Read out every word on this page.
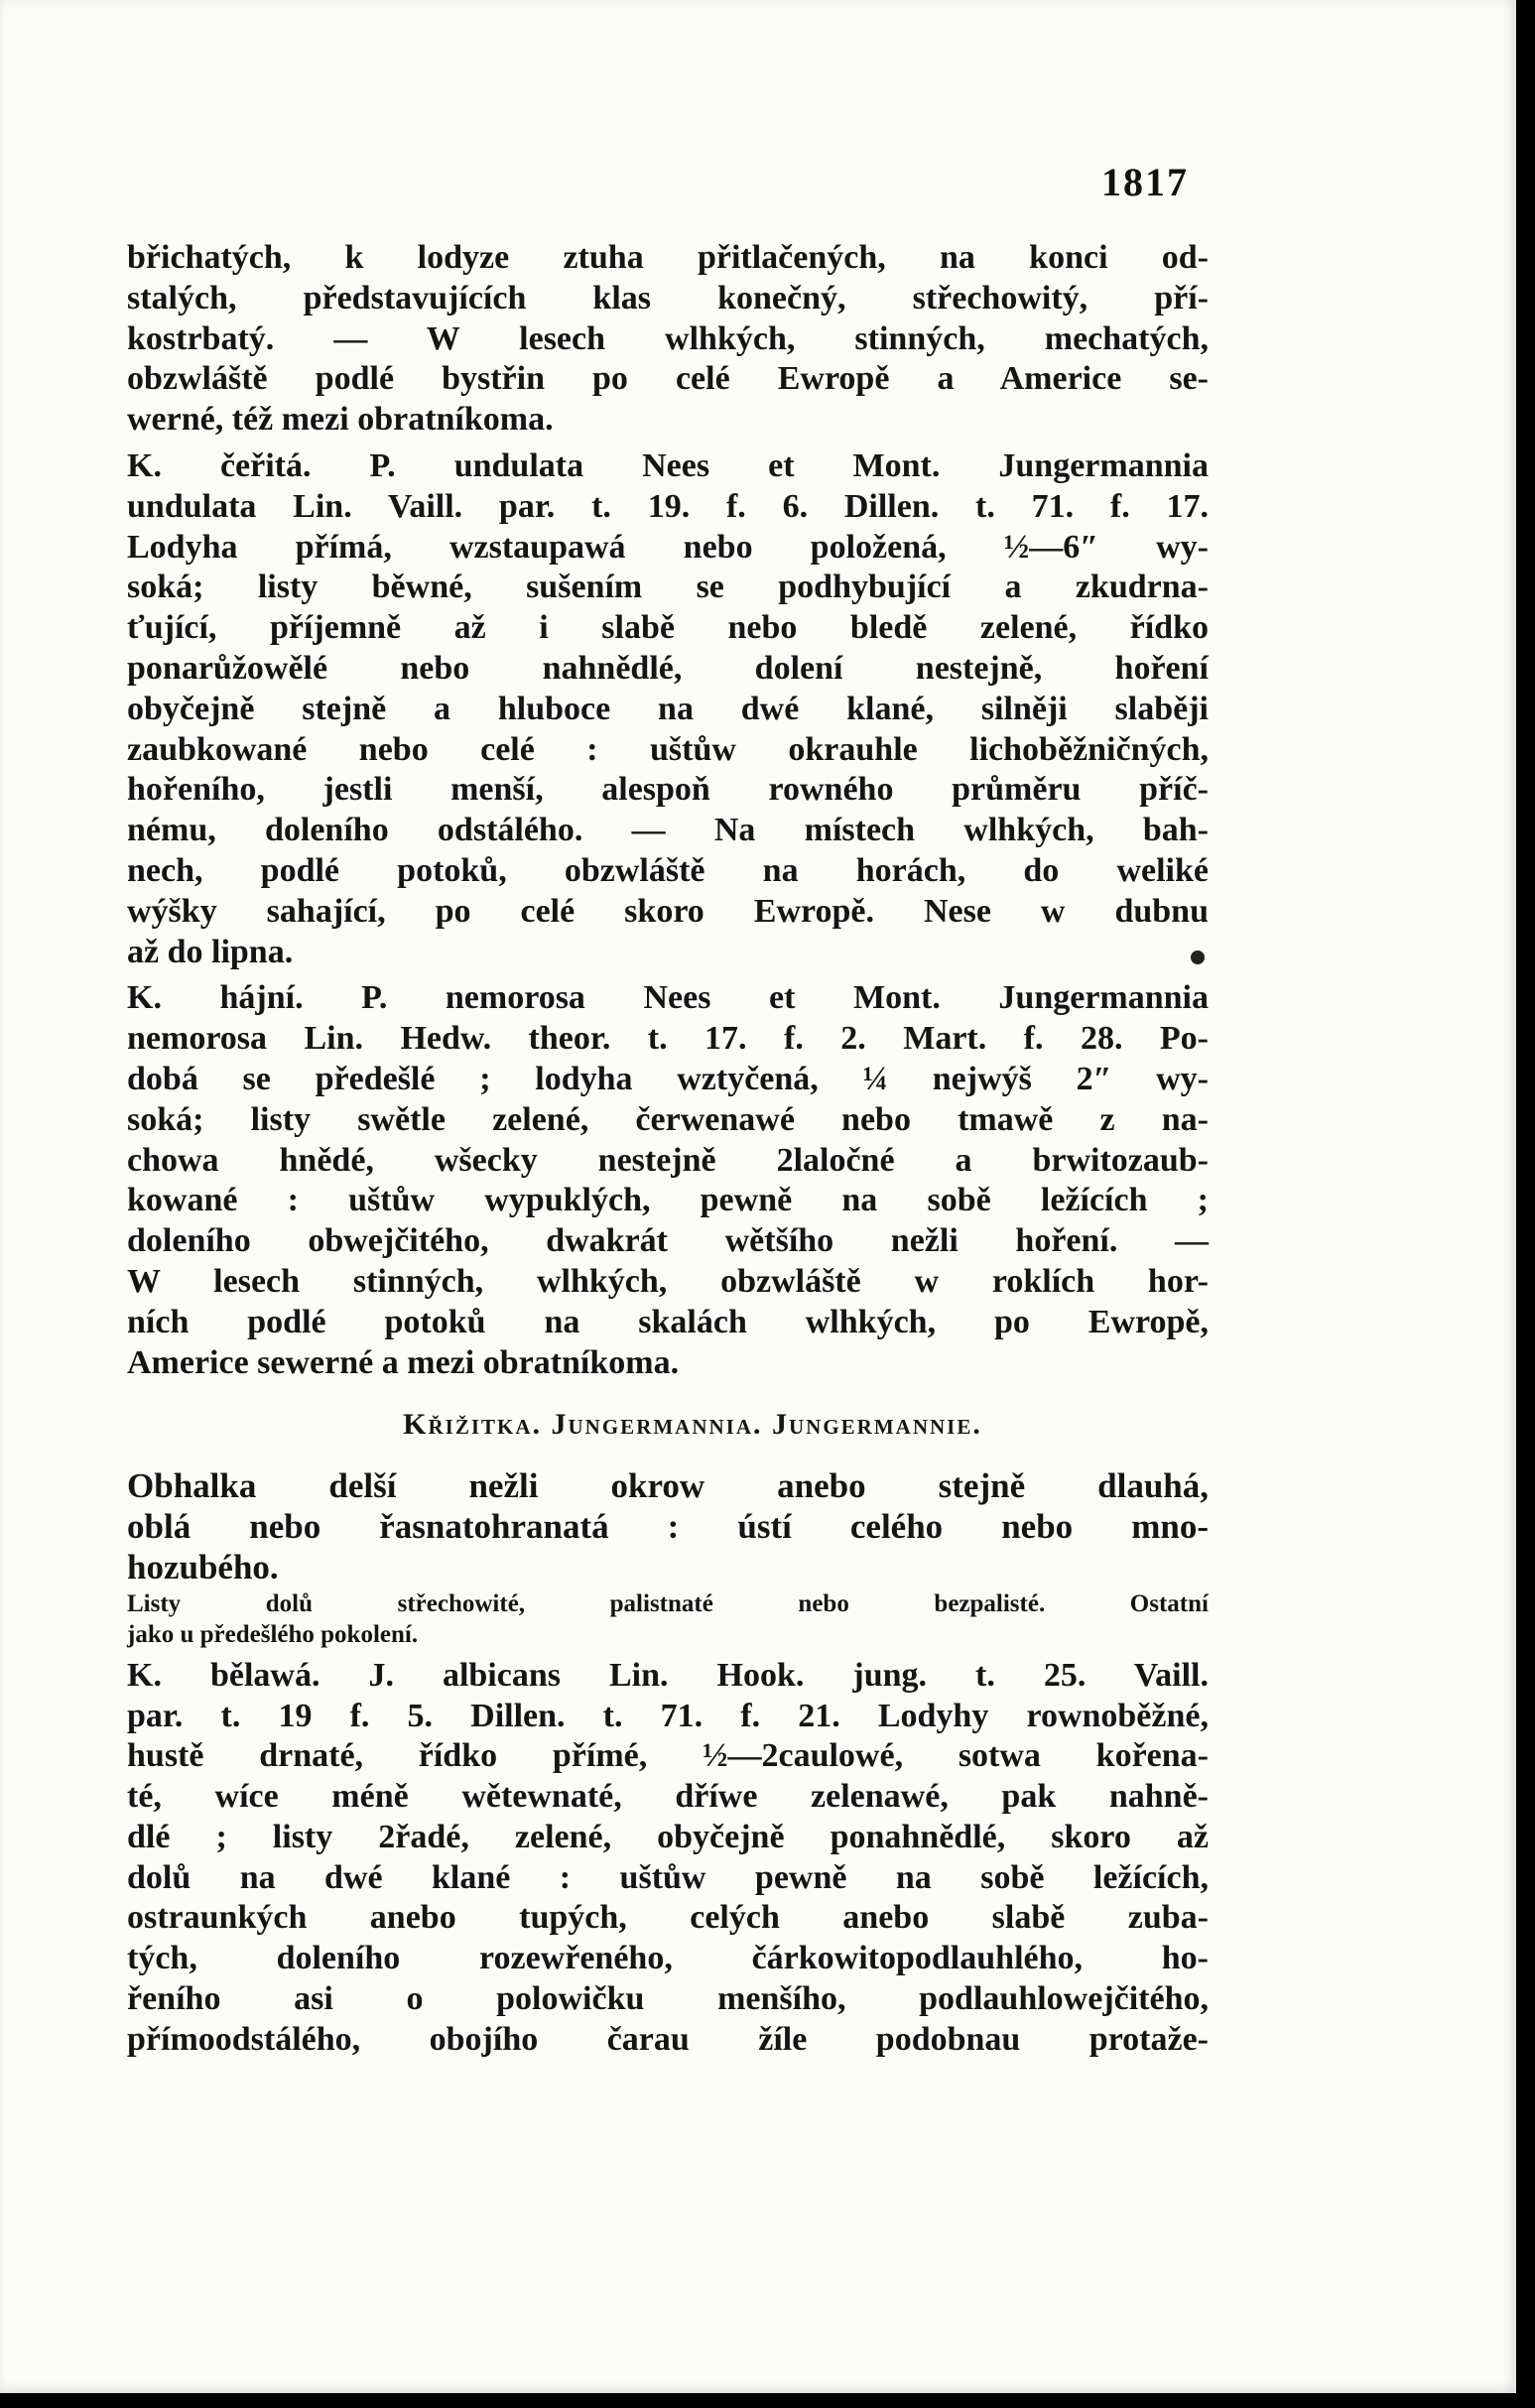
1817
břichatých, k lodyze ztuha přitlačených, na konci od-
stalých, představujících klas konečný, střechowitý, pří-
kostrbatý. — W lesech wlhkých, stinných, mechatých,
obzwláště podlé bystřin po celé Ewropě a Americe se-
werné, též mezi obratníkoma.
K. čeřitá. P. undulata Nees et Mont. Jungermannia
undulata Lin. Vaill. par. t. 19. f. 6. Dillen. t. 71. f. 17.
Lodyha přímá, wzstaupawá nebo položená, ½—6″ wy-
soká; listy běwné, sušením se podhybující a zkudrna-
ťující, příjemně až i slabě nebo bledě zelené, řídko
ponarůžowělé nebo nahnědlé, dolení nestejně, hoření
obyčejně stejně a hluboce na dwé klané, silněji slaběji
zaubkowané nebo celé : uštůw okrauhle lichoběžničných,
hořeního, jestli menší, alespoň rowného průměru příč-
nému, doleního odstálého. — Na místech wlhkých, bah-
nech, podlé potoků, obzwláště na horách, do weliké
wýšky sahající, po celé skoro Ewropě. Nese w dubnu
až do lipna.
K. hájní. P. nemorosa Nees et Mont. Jungermannia
nemorosa Lin. Hedw. theor. t. 17. f. 2. Mart. f. 28. Po-
dobá se předešlé ; lodyha wztyčená, ¼ nejwýš 2″ wy-
soká; listy swětle zelené, čerwenawé nebo tmawě z na-
chowa hnědé, wšecky nestejně 2laločné a brwitozaub-
kowané : uštůw wypuklých, pewně na sobě ležících ;
doleního obwejčitého, dwakrát wětšího nežli hoření. —
W lesech stinných, wlhkých, obzwláště w roklích hor-
ních podlé potoků na skalách wlhkých, po Ewropě,
Americe sewerné a mezi obratníkoma.
Křižitka. Jungermannia. Jungermannie.
Obhalka delší nežli okrow anebo stejně dlauhá,
oblá nebo řasnatohranatá : ústí celého nebo mno-
hozubého.
Listy dolů střechowité, palistnaté nebo bezpalisté. Ostatní
jako u předešlého pokolení.
K. bělawá. J. albicans Lin. Hook. jung. t. 25. Vaill.
par. t. 19 f. 5. Dillen. t. 71. f. 21. Lodyhy rownoběžné,
hustě drnaté, řídko přímé, ½—2caulowé, sotwa kořena-
té, wíce méně wětewnaté, dříwe zelenawé, pak nahně-
dlé ; listy 2řadé, zelené, obyčejně ponahnědlé, skoro až
dolů na dwé klané : uštůw pewně na sobě ležících,
ostraunkých anebo tupých, celých anebo slabě zuba-
tých, doleního rozewřeného, čárkowitopodlauhlého, ho-
řeního asi o polowičku menšího, podlauhlowejčitého,
přímoodstálého, obojího čarau žíle podobnau protaže-
